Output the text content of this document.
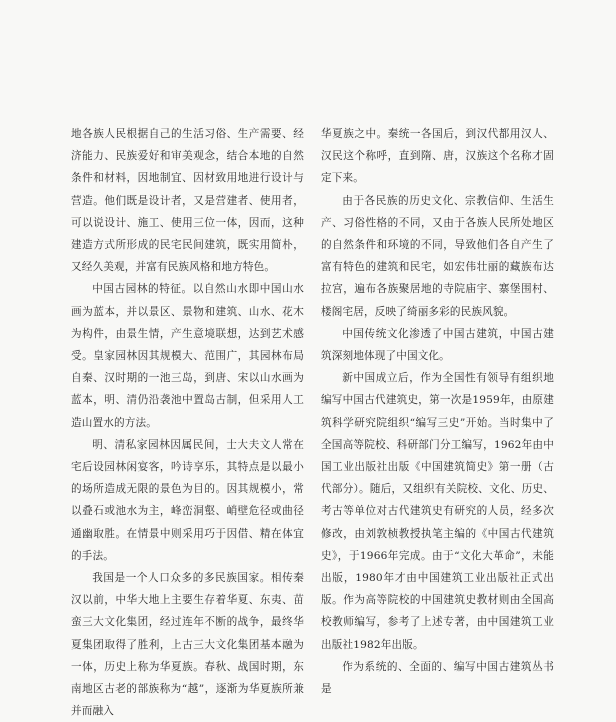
地各族人民根据自己的生活习俗、生产需要、经济能力、民族爱好和审美观念，结合本地的自然条件和材料，因地制宜、因材致用地进行设计与营造。他们既是设计者，又是营建者、使用者，可以说设计、施工、使用三位一体，因而，这种建造方式所形成的民宅民间建筑，既实用简朴，又经久美观，并富有民族风格和地方特色。

中国古园林的特征。以自然山水即中国山水画为蓝本，并以景区、景物和建筑、山水、花木为构件，由景生情，产生意境联想，达到艺术感受。皇家园林因其规模大、范围广，其园林布局自秦、汉时期的一池三岛，到唐、宋以山水画为蓝本，明、清仍沿袭池中置岛古制，但采用人工造山置水的方法。

明、清私家园林因属民间，士大夫文人常在宅后设园林闲宴客，吟诗享乐，其特点是以最小的场所造成无限的景色为目的。因其规模小，常以叠石或池水为主，峰峦洞壑、峭壁危径或曲径通幽取胜。在情景中则采用巧于因借、精在体宜的手法。

我国是一个人口众多的多民族国家。相传秦汉以前，中华大地上主要生存着华夏、东夷、苗蛮三大文化集团，经过连年不断的战争，最终华夏集团取得了胜利，上古三大文化集团基本融为一体，历史上称为华夏族。春秋、战国时期，东南地区古老的部族称为“越”，逐渐为华夏族所兼并而融入

华夏族之中。秦统一各国后，到汉代都用汉人、汉民这个称呼，直到隋、唐，汉族这个名称才固定下来。

由于各民族的历史文化、宗教信仰、生活生产、习俗性格的不同，又由于各族人民所处地区的自然条件和环境的不同，导致他们各自产生了富有特色的建筑和民宅，如宏伟壮丽的藏族布达拉宫，遍布各族聚居地的寺院庙宇、寨堡围村、楼阁宅居，反映了绮丽多彩的民族风貌。

中国传统文化渗透了中国古建筑，中国古建筑深刻地体现了中国文化。

新中国成立后，作为全国性有领导有组织地编写中国古代建筑史，第一次是1959年，由原建筑科学研究院组织“编写三史”开始。当时集中了全国高等院校、科研部门分工编写，1962年由中国工业出版社出版《中国建筑简史》第一册（古代部分）。随后，又组织有关院校、文化、历史、考古等单位对古代建筑史有研究的人员，经多次修改，由刘敦桢教授执笔主编的《中国古代建筑史》，于1966年完成。由于“文化大革命”，未能出版，1980年才由中国建筑工业出版社正式出版。作为高等院校的中国建筑史教材则由全国高校教师编写，参考了上述专著，由中国建筑工业出版社1982年出版。

作为系统的、全面的、编写中国古建筑丛书是
